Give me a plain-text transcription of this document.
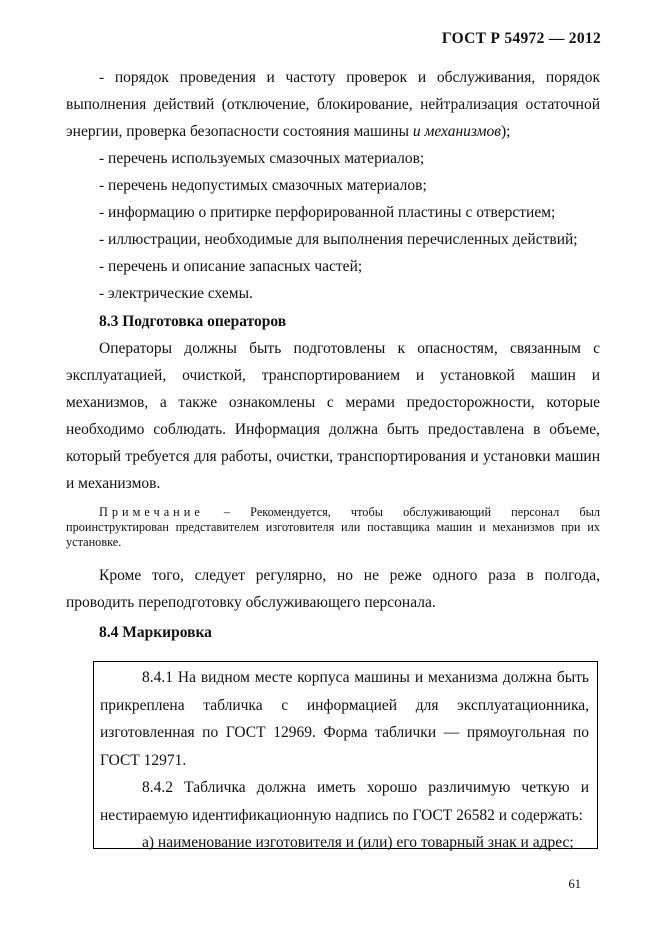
ГОСТ Р 54972 — 2012

- порядок проведения и частоту проверок и обслуживания, порядок выполнения действий (отключение, блокирование, нейтрализация остаточной энергии, проверка безопасности состояния машины и механизмов);

- перечень используемых смазочных материалов;

- перечень недопустимых смазочных материалов;

- информацию о притирке перфорированной пластины с отверстием;

- иллюстрации, необходимые для выполнения перечисленных действий;

- перечень и описание запасных частей;

- электрические схемы.

8.3 Подготовка операторов

Операторы должны быть подготовлены к опасностям, связанным с эксплуатацией, очисткой, транспортированием и установкой машин и механизмов, а также ознакомлены с мерами предосторожности, которые необходимо соблюдать. Информация должна быть предоставлена в объеме, который требуется для работы, очистки, транспортирования и установки машин и механизмов.

Примечание – Рекомендуется, чтобы обслуживающий персонал был проинструктирован представителем изготовителя или поставщика машин и механизмов при их установке.

Кроме того, следует регулярно, но не реже одного раза в полгода, проводить переподготовку обслуживающего персонала.

8.4 Маркировка

8.4.1 На видном месте корпуса машины и механизма должна быть прикреплена табличка с информацией для эксплуатационника, изготовленная по ГОСТ 12969. Форма таблички — прямоугольная по ГОСТ 12971.

8.4.2 Табличка должна иметь хорошо различимую четкую и нестираемую идентификационную надпись по ГОСТ 26582 и содержать:

а) наименование изготовителя и (или) его товарный знак и адрес;

61
